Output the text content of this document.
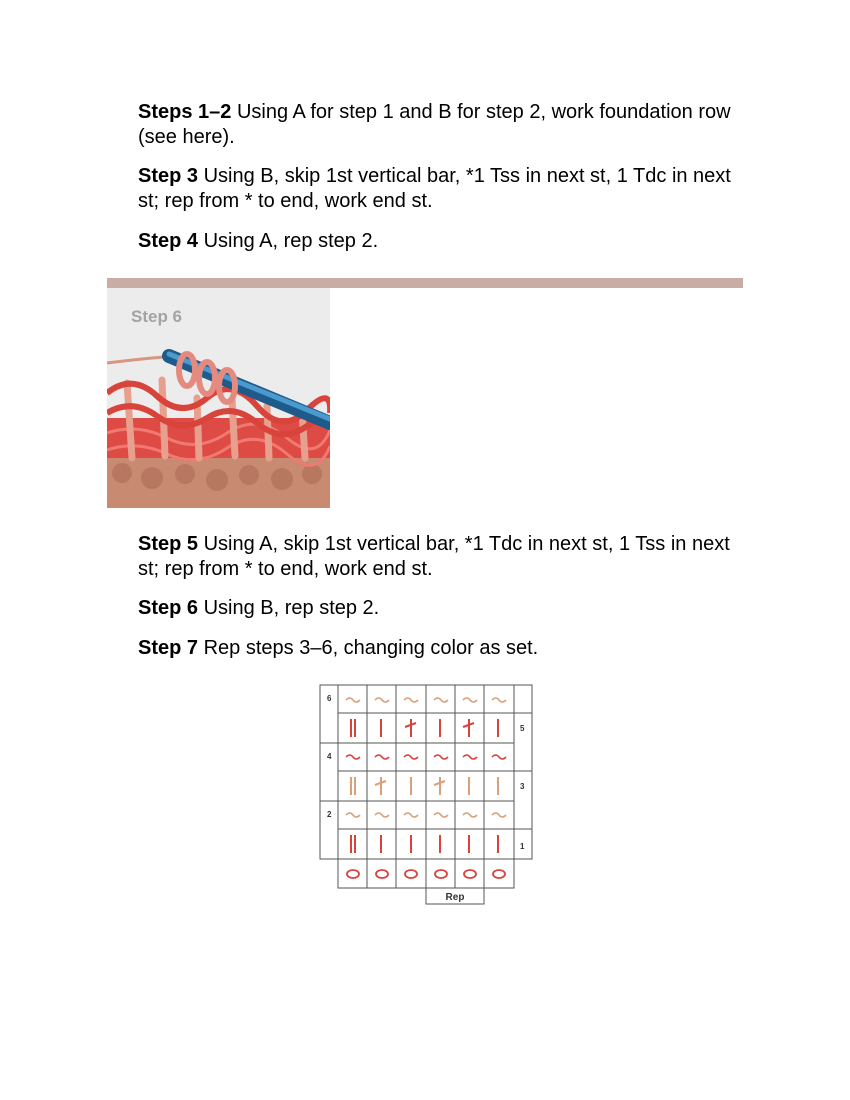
Steps 1–2 Using A for step 1 and B for step 2, work foundation row (see here).

Step 3 Using B, skip 1st vertical bar, *1 Tss in next st, 1 Tdc in next st; rep from * to end, work end st.

Step 4 Using A, rep step 2.

Step 6

Step 5 Using A, skip 1st vertical bar, *1 Tdc in next st, 1 Tss in next st; rep from * to end, work end st.

Step 6 Using B, rep step 2.

Step 7 Rep steps 3–6, changing color as set.

Rep
6
4
2
5
3
1
